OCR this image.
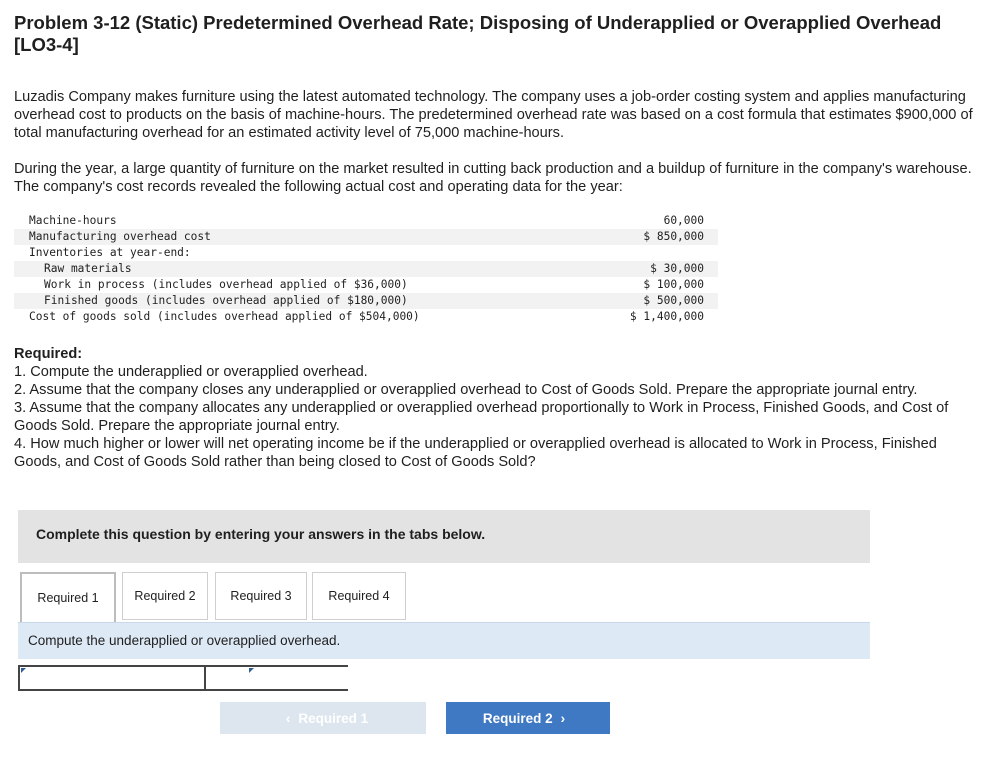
Problem 3-12 (Static) Predetermined Overhead Rate; Disposing of Underapplied or Overapplied Overhead [LO3-4]
Luzadis Company makes furniture using the latest automated technology. The company uses a job-order costing system and applies manufacturing overhead cost to products on the basis of machine-hours. The predetermined overhead rate was based on a cost formula that estimates $900,000 of total manufacturing overhead for an estimated activity level of 75,000 machine-hours.
During the year, a large quantity of furniture on the market resulted in cutting back production and a buildup of furniture in the company's warehouse. The company's cost records revealed the following actual cost and operating data for the year:
Machine-hours	60,000
Manufacturing overhead cost	$ 850,000
Inventories at year-end:	
Raw materials	$ 30,000
Work in process (includes overhead applied of $36,000)	$ 100,000
Finished goods (includes overhead applied of $180,000)	$ 500,000
Cost of goods sold (includes overhead applied of $504,000)	$ 1,400,000

Required:

1. Compute the underapplied or overapplied overhead.

2. Assume that the company closes any underapplied or overapplied overhead to Cost of Goods Sold. Prepare the appropriate journal entry.

3. Assume that the company allocates any underapplied or overapplied overhead proportionally to Work in Process, Finished Goods, and Cost of Goods Sold. Prepare the appropriate journal entry.

4. How much higher or lower will net operating income be if the underapplied or overapplied overhead is allocated to Work in Process, Finished Goods, and Cost of Goods Sold rather than being closed to Cost of Goods Sold?

Complete this question by entering your answers in the tabs below.
Required 1	Required 2	Required 3	Required 4
Compute the underapplied or overapplied overhead.
‹ Required 1	Required 2 ›
